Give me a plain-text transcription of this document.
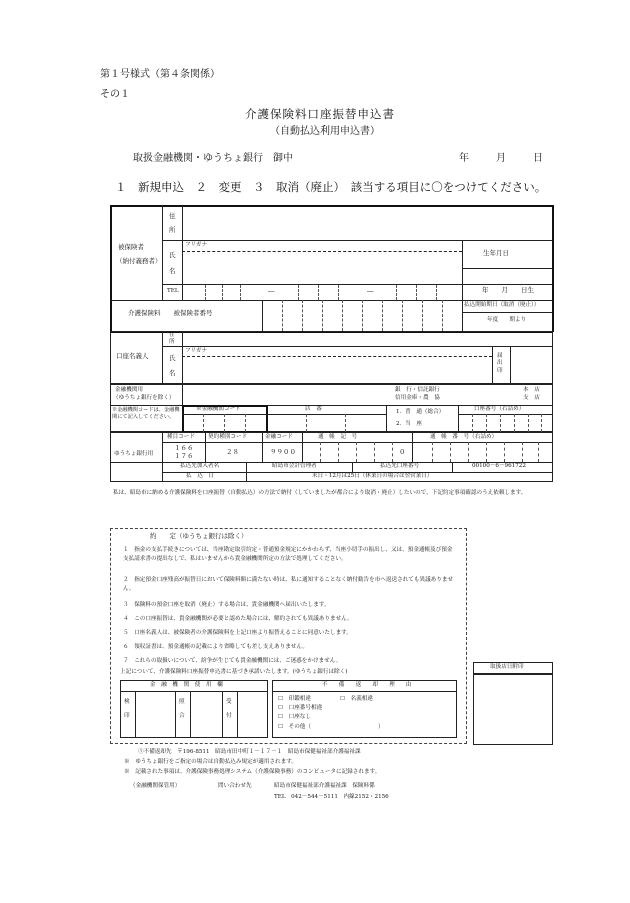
第１号様式（第４条関係）
その１
介護保険料口座振替申込書
（自動払込利用申込書）
取扱金融機関・ゆうちょ銀行　御中	年	月	日
１　新規申込　２　変更　３　取消（廃止）　該当する項目に〇をつけてください。
被保険者
（納付義務者）
住
所
氏
名
フリガナ
生年月日
年　　月　　日生
TEL	―	―
介護保険料　　被保険者番号
払込開始期日（取消（廃止））
年度　　期より
口座名義人
住
所
フリガナ
氏
名
届出印
金融機関用
（ゆうちょ銀行を除く）
銀　行・信託銀行
信用金庫・農　協
本　店
支　店
※金融機関コードは、金融機関にて記入してください。
※金融機関コード	店　番	1．普　通（総合）
2．当　座
口座番号（右詰め）
ゆうちょ銀行用
種目コード 契約種別コード	金融コード	通　帳　記　号	通　帳　番　号（右詰め）
１６６
１７６	２８	９９００	０
払込先加入者名	昭島市会計管理者	払込先口座番号	00100－6－961722
払　込　日	末日・12月は25日（休業日の場合は翌営業日）
私は、昭島市に納める介護保険料を口座振替（自動払込）の方法で納付（していましたが都合により取消・廃止）したいので、下記約定事項確認のうえ依頼します。
約　　定（ゆうちょ銀行は除く）
１　指金の支払手続きについては、当座勘定取引約定・普通預金規定にかかわらず、当座小切手の振出し、又は、預金通帳及び預金支払請求書の提出なしで、私はいませんから貴金融機関所定の方法で処理してください。
２　指定預金口座残高が振替日において保険料額に満たない時は、私に通知することなく納付勧告を市へ返送されても異議ありません。
３　保険料の預金口座を取消（廃止）する場合は、貴金融機関へ届出いたします。
４　この口座振替は、貴金融機関が必要と認めた場合には、解約されても異議ありません。
５　口座名義人は、被保険者の介護保険料を上記口座より振替えることに同意いたします。
６　領収証書は、預金通帳の記載により省略しても差し支えありません。
７　これらの取扱いについて、紛争が生じても貴金融機関には、ご迷惑をかけません。
上記について、介護保険料口座振替申込書に基づき承諾いたします。(ゆうちょ銀行は除く)
金　融　機　関　使　用　欄
検
印
照
合
受
付
不　　備　　返　　却　　理　　由
☐　印鑑相違	☐　名義相違
☐　口座番号相違
☐　口座なし
☐　その他（　　　　　　　　　　　　）
取扱店日附印
⑤不備返却先　〒196-8511　昭島市田中町１－１７－１　昭島市保健福祉部介護福祉課
※　ゆうちょ銀行をご指定の場合は自動払込み規定が適用されます。
※　記載された事項は、介護保険事務処理システム（介護保険事務）のコンピュータに記録されます。
（金融機関保管用）	問い合わせ先	昭島市保健福祉部介護福祉課　保険料係
TEL　042－544－5111　内線2152・2156
